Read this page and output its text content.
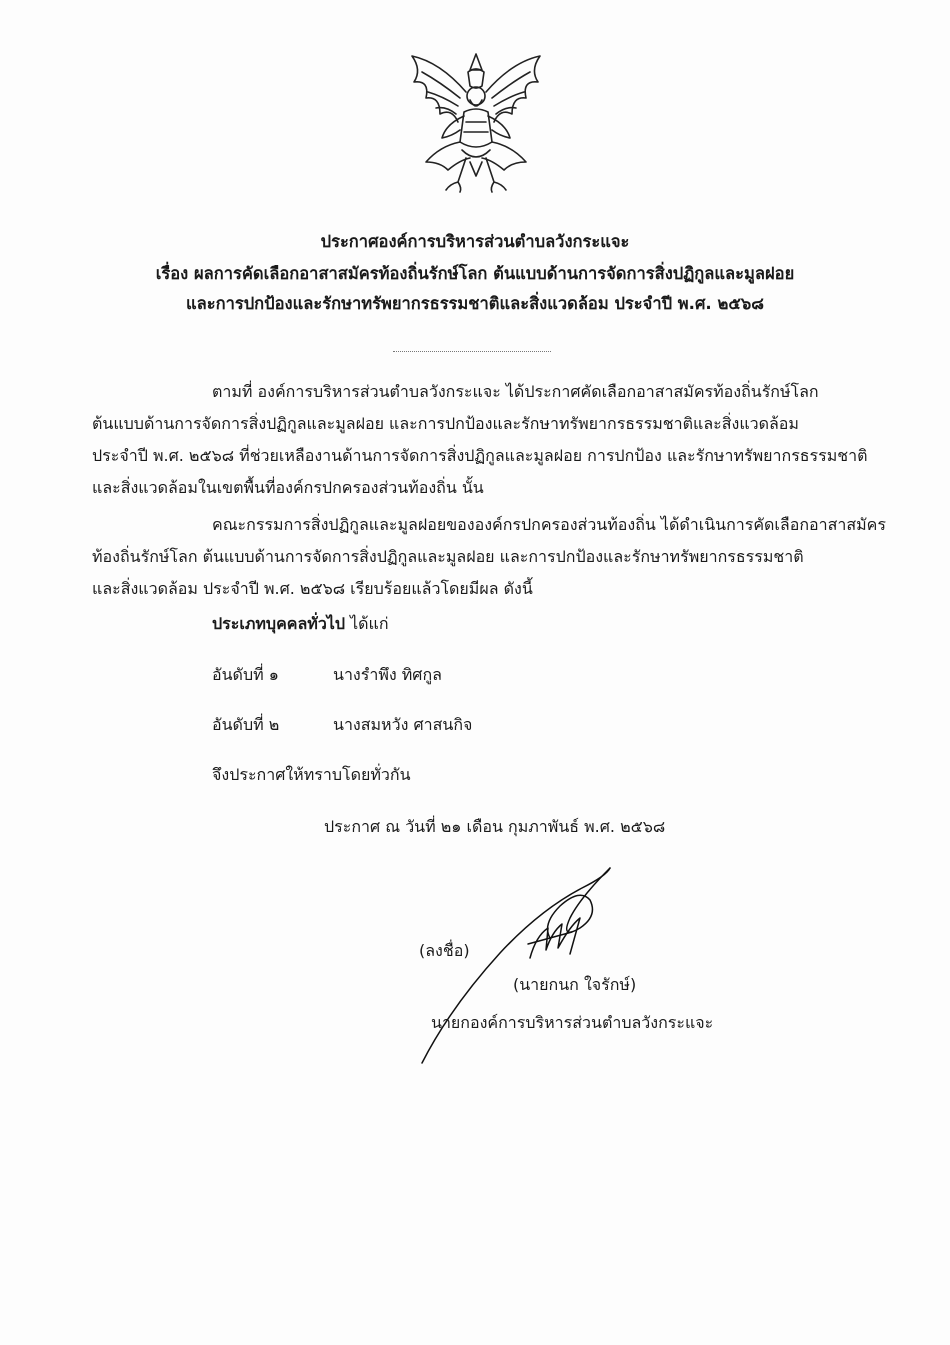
ประกาศองค์การบริหารส่วนตำบลวังกระแจะ
เรื่อง ผลการคัดเลือกอาสาสมัครท้องถิ่นรักษ์โลก ต้นแบบด้านการจัดการสิ่งปฏิกูลและมูลฝอย
และการปกป้องและรักษาทรัพยากรธรรมชาติและสิ่งแวดล้อม ประจำปี พ.ศ. ๒๕๖๘
ตามที่ องค์การบริหารส่วนตำบลวังกระแจะ ได้ประกาศคัดเลือกอาสาสมัครท้องถิ่นรักษ์โลก
ต้นแบบด้านการจัดการสิ่งปฏิกูลและมูลฝอย และการปกป้องและรักษาทรัพยากรธรรมชาติและสิ่งแวดล้อม
ประจำปี พ.ศ. ๒๕๖๘ ที่ช่วยเหลืองานด้านการจัดการสิ่งปฏิกูลและมูลฝอย การปกป้อง และรักษาทรัพยากรธรรมชาติ
และสิ่งแวดล้อมในเขตพื้นที่องค์กรปกครองส่วนท้องถิ่น นั้น
คณะกรรมการสิ่งปฏิกูลและมูลฝอยขององค์กรปกครองส่วนท้องถิ่น ได้ดำเนินการคัดเลือกอาสาสมัคร
ท้องถิ่นรักษ์โลก ต้นแบบด้านการจัดการสิ่งปฏิกูลและมูลฝอย และการปกป้องและรักษาทรัพยากรธรรมชาติ
และสิ่งแวดล้อม ประจำปี พ.ศ. ๒๕๖๘ เรียบร้อยแล้วโดยมีผล ดังนี้
ประเภทบุคคลทั่วไป ได้แก่
อันดับที่ ๑	นางรำพึง ทิศกูล
อันดับที่ ๒	นางสมหวัง ศาสนกิจ
จึงประกาศให้ทราบโดยทั่วกัน
ประกาศ ณ วันที่ ๒๑ เดือน กุมภาพันธ์ พ.ศ. ๒๕๖๘
(ลงชื่อ)
(นายกนก ใจรักษ์)
นายกองค์การบริหารส่วนตำบลวังกระแจะ
